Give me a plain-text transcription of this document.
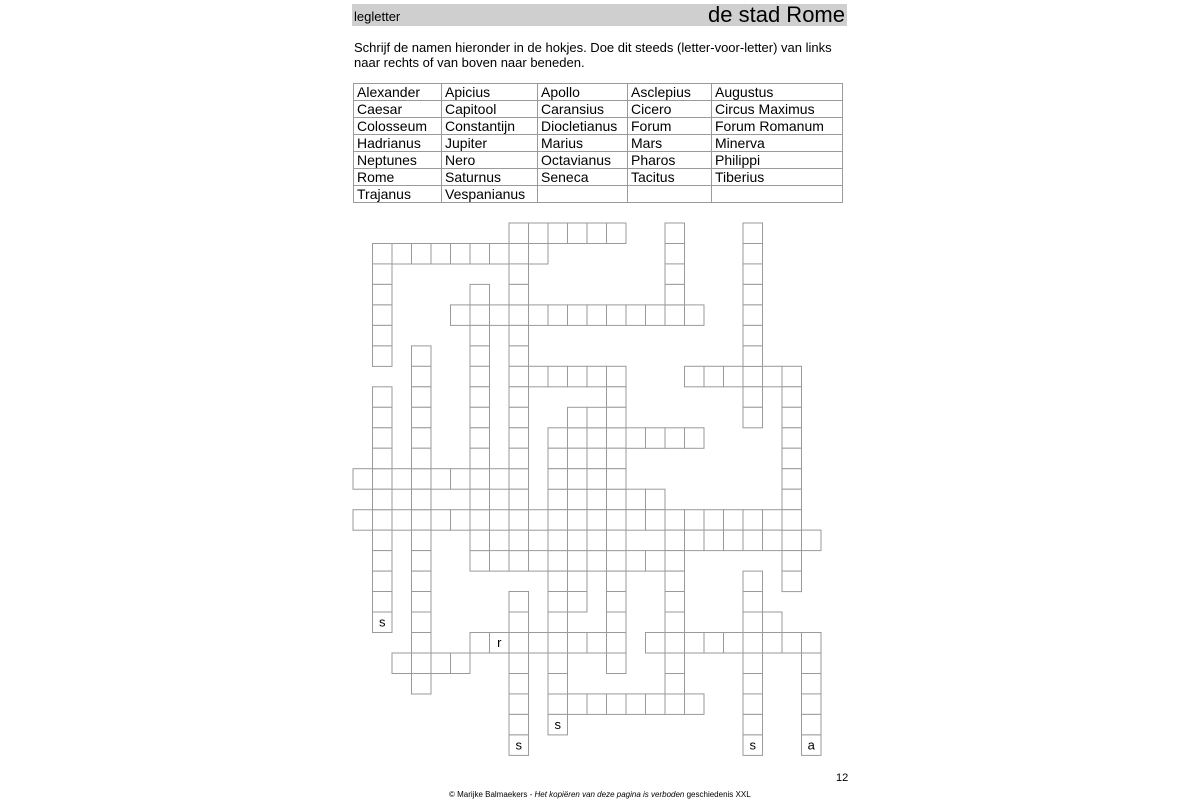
legletter	de stad Rome
Schrijf de namen hieronder in de hokjes. Doe dit steeds (letter-voor-letter) van links naar rechts of van boven naar beneden.
Alexander	Apicius	Apollo	Asclepius	Augustus
Caesar	Capitool	Caransius	Cicero	Circus Maximus
Colosseum	Constantijn	Diocletianus	Forum	Forum Romanum
Hadrianus	Jupiter	Marius	Mars	Minerva
Neptunes	Nero	Octavianus	Pharos	Philippi
Rome	Saturnus	Seneca	Tacitus	Tiberius
Trajanus	Vespanianus			
s
r
s
s
s	a
12
© Marijke Balmaekers - Het kopiëren van deze pagina is verboden geschiedenis XXL
